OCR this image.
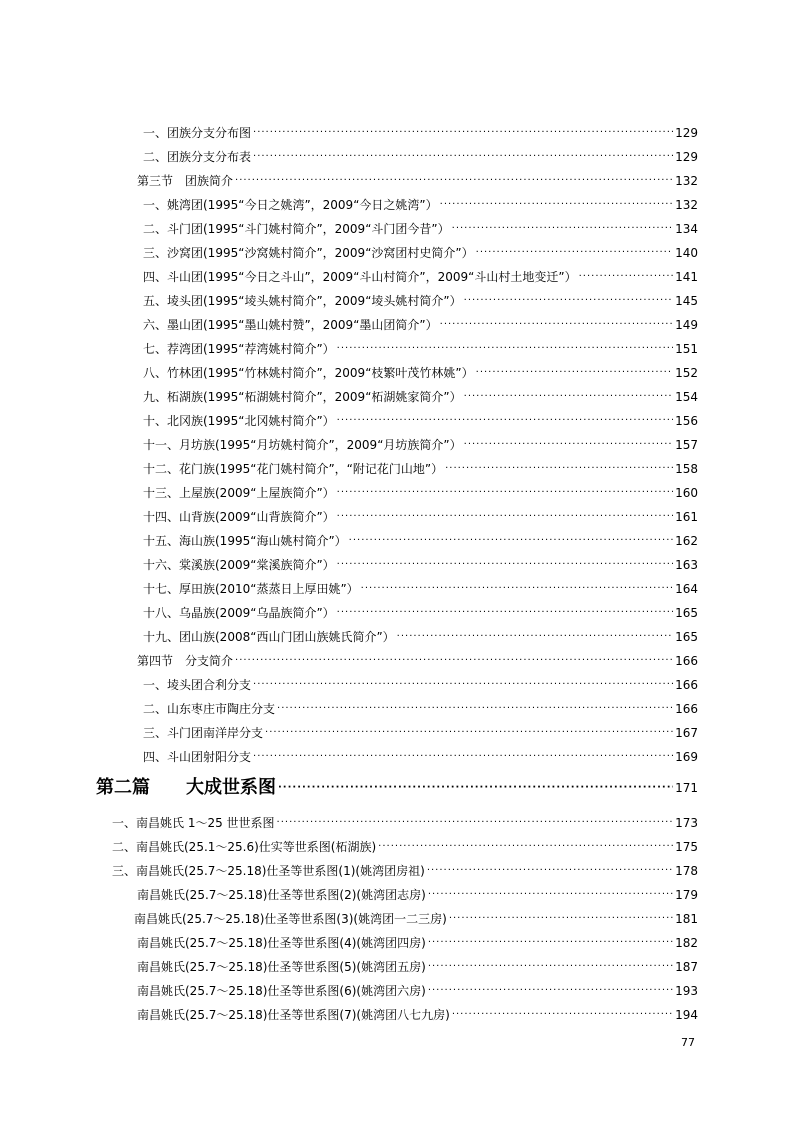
一、团族分支分布图 ·····	129
二、团族分支分布表 ·····	129
第三节　团族简介 ·····	132
一、姚湾团(1995“今日之姚湾”，2009“今日之姚湾”） ·····	132
二、斗门团(1995“斗门姚村简介”，2009“斗门团今昔”） ·····	134
三、沙窝团(1995“沙窝姚村简介”，2009“沙窝团村史简介”） ·····	140
四、斗山团(1995“今日之斗山”，2009“斗山村简介”，2009“斗山村土地变迁”） ·····	141
五、堎头团(1995“堎头姚村简介”，2009“堎头姚村简介”） ·····	145
六、墨山团(1995“墨山姚村赞”，2009“墨山团简介”） ·····	149
七、荐湾团(1995“荐湾姚村简介”） ·····	151
八、竹林团(1995“竹林姚村简介”，2009“枝繁叶茂竹林姚”） ·····	152
九、柘湖族(1995“柘湖姚村简介”，2009“柘湖姚家简介”） ·····	154
十、北冈族(1995“北冈姚村简介”） ·····	156
十一、月坊族(1995“月坊姚村简介”，2009“月坊族简介”） ·····	157
十二、花门族(1995“花门姚村简介”，“附记花门山地”） ·····	158
十三、上屋族(2009“上屋族简介”） ·····	160
十四、山背族(2009“山背族简介”） ·····	161
十五、海山族(1995“海山姚村简介”） ·····	162
十六、棠溪族(2009“棠溪族简介”） ·····	163
十七、厚田族(2010“蒸蒸日上厚田姚”） ·····	164
十八、乌晶族(2009“乌晶族简介”） ·····	165
十九、团山族(2008“西山门团山族姚氏简介”） ·····	165
第四节　分支简介 ·····	166
一、堎头团合利分支 ·····	166
二、山东枣庄市陶庄分支 ·····	166
三、斗门团南洋岸分支 ·····	167
四、斗山团射阳分支 ·····	169
第二篇　　大成世系图 ·····	171
一、南昌姚氏 1～25 世世系图 ·····	173
二、南昌姚氏(25.1～25.6)仕实等世系图(柘湖族) ·····	175
三、南昌姚氏(25.7～25.18)仕圣等世系图(1)(姚湾团房祖) ·····	178
南昌姚氏(25.7～25.18)仕圣等世系图(2)(姚湾团志房) ·····	179
南昌姚氏(25.7～25.18)仕圣等世系图(3)(姚湾团一二三房) ·····	181
南昌姚氏(25.7～25.18)仕圣等世系图(4)(姚湾团四房) ·····	182
南昌姚氏(25.7～25.18)仕圣等世系图(5)(姚湾团五房) ·····	187
南昌姚氏(25.7～25.18)仕圣等世系图(6)(姚湾团六房) ·····	193
南昌姚氏(25.7～25.18)仕圣等世系图(7)(姚湾团八七九房) ·····	194
77
